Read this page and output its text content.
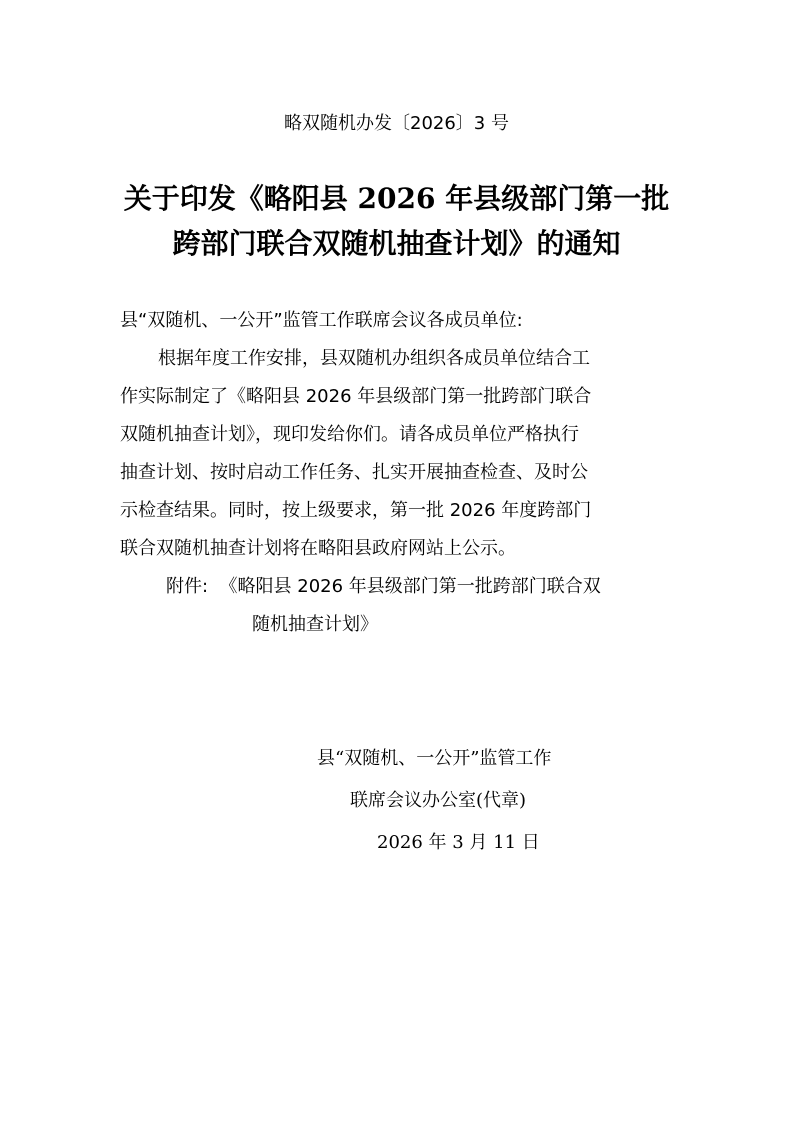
略双随机办发〔2026〕3 号
关于印发《略阳县 2026 年县级部门第一批
跨部门联合双随机抽查计划》的通知
县“双随机、一公开”监管工作联席会议各成员单位:
根据年度工作安排，县双随机办组织各成员单位结合工
作实际制定了《略阳县 2026 年县级部门第一批跨部门联合
双随机抽查计划》，现印发给你们。请各成员单位严格执行
抽查计划、按时启动工作任务、扎实开展抽查检查、及时公
示检查结果。同时，按上级要求，第一批 2026 年度跨部门
联合双随机抽查计划将在略阳县政府网站上公示。
附件: 《略阳县 2026 年县级部门第一批跨部门联合双
随机抽查计划》
县“双随机、一公开”监管工作
联席会议办公室(代章)
2026 年 3 月 11 日
